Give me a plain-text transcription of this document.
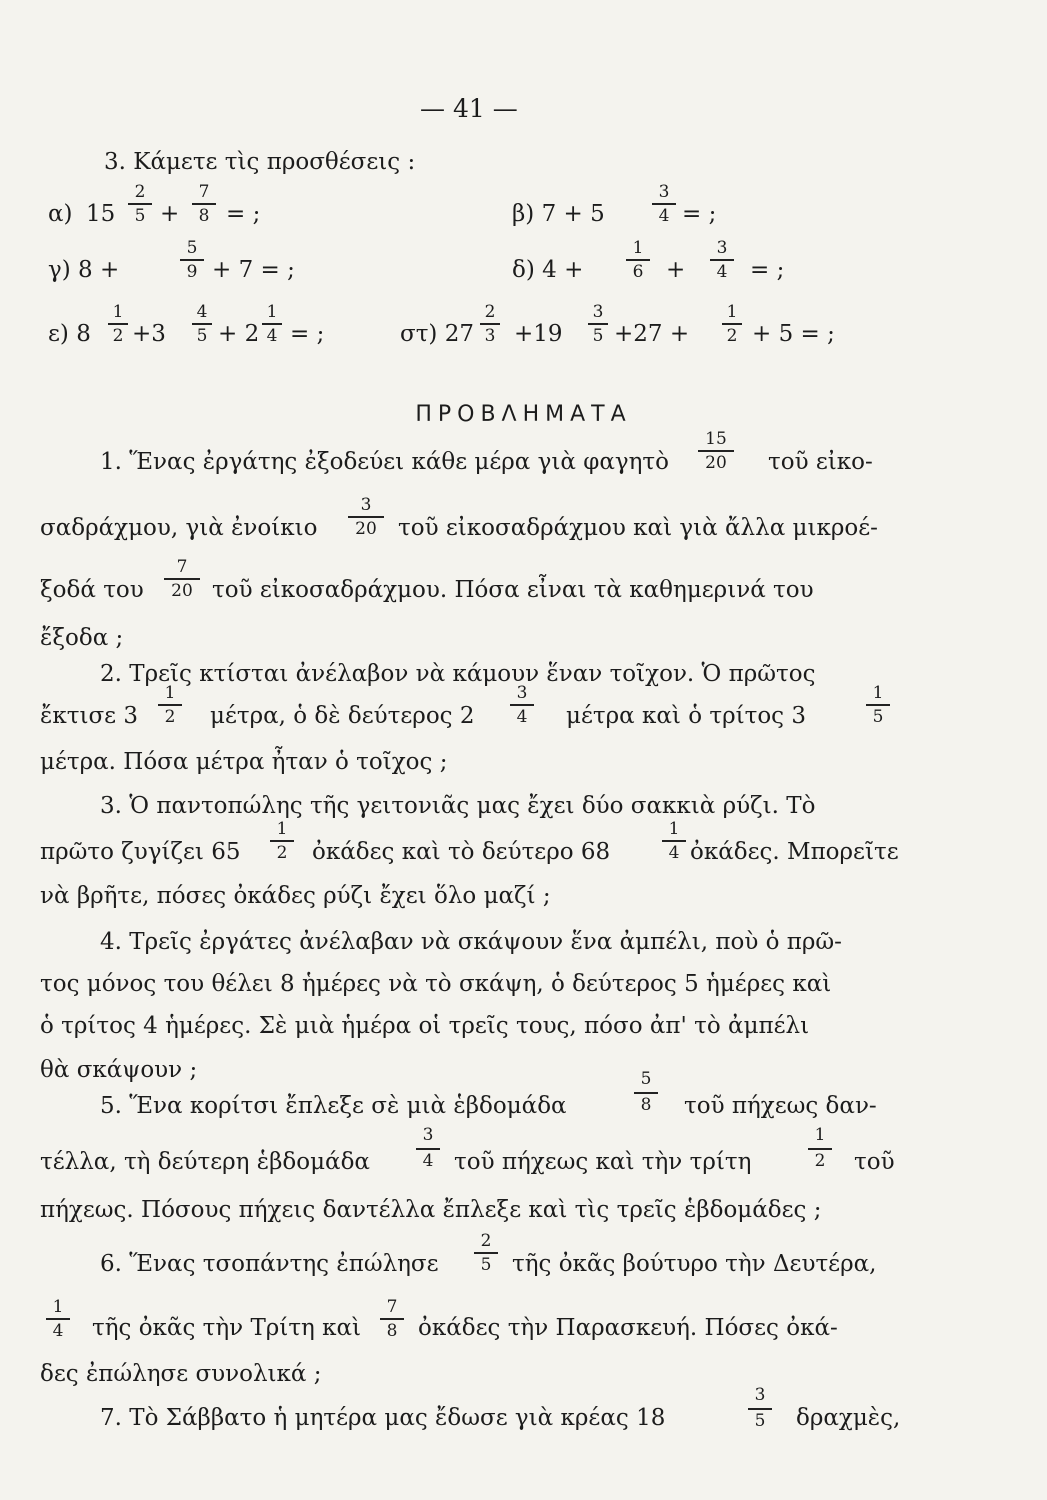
— 41 —
3. Κάμετε τὶς προσθέσεις :
α) 15
2
5 +
7
8 = ;	β) 7 + 5
3
4 = ;
γ) 8 +
5
9 + 7 = ;	δ) 4 +
1
6 +
3
4 = ;
ε) 8
1
2 +3
4
5 + 2
1
4 = ;	στ) 27
2
3 +19
3
5 +27 +
1
2 + 5 = ;
ΠΡΟΒΛΗΜΑΤΑ
1. Ἕνας ἐργάτης ἐξοδεύει κάθε μέρα γιὰ φαγητὸ
15
20	τοῦ εἰκο-
σαδράχμου, γιὰ ἐνοίκιο
3
20 τοῦ εἰκοσαδράχμου καὶ γιὰ ἄλλα μικροέ-
ξοδά του
7
20 τοῦ εἰκοσαδράχμου. Πόσα εἶναι τὰ καθημερινά του
ἔξοδα ;
2. Τρεῖς κτίσται ἀνέλαβον νὰ κάμουν ἕναν τοῖχον. Ὁ πρῶτος
ἔκτισε 3
1
2	μέτρα, ὁ δὲ δεύτερος 2
3
4	μέτρα καὶ ὁ τρίτος 3
1
5
μέτρα. Πόσα μέτρα ἦταν ὁ τοῖχος ;
3. Ὁ παντοπώλης τῆς γειτονιᾶς μας ἔχει δύο σακκιὰ ρύζι. Τὸ
πρῶτο ζυγίζει 65
1
2	ὀκάδες καὶ τὸ δεύτερο 68
1
4 ὀκάδες. Μπορεῖτε
νὰ βρῆτε, πόσες ὀκάδες ρύζι ἔχει ὅλο μαζί ;
4. Τρεῖς ἐργάτες ἀνέλαβαν νὰ σκάψουν ἕνα ἀμπέλι, ποὺ ὁ πρῶ-
τος μόνος του θέλει 8 ἡμέρες νὰ τὸ σκάψη, ὁ δεύτερος 5 ἡμέρες καὶ
ὁ τρίτος 4 ἡμέρες. Σὲ μιὰ ἡμέρα οἱ τρεῖς τους, πόσο ἀπ' τὸ ἀμπέλι
θὰ σκάψουν ;
5. Ἕνα κορίτσι ἔπλεξε σὲ μιὰ ἑβδομάδα
5
8	τοῦ πήχεως δαν-
τέλλα, τὴ δεύτερη ἑβδομάδα
3
4 τοῦ πήχεως καὶ τὴν τρίτη
1
2	τοῦ
πήχεως. Πόσους πήχεις δαντέλλα ἔπλεξε καὶ τὶς τρεῖς ἑβδομάδες ;
6. Ἕνας τσοπάντης ἐπώλησε
2
5 τῆς ὀκᾶς βούτυρο τὴν Δευτέρα,
1
4	τῆς ὀκᾶς τὴν Τρίτη καὶ
7
8 ὀκάδες τὴν Παρασκευή. Πόσες ὀκά-
δες ἐπώλησε συνολικά ;
7. Τὸ Σάββατο ἡ μητέρα μας ἔδωσε γιὰ κρέας 18
3
5	δραχμὲς,
